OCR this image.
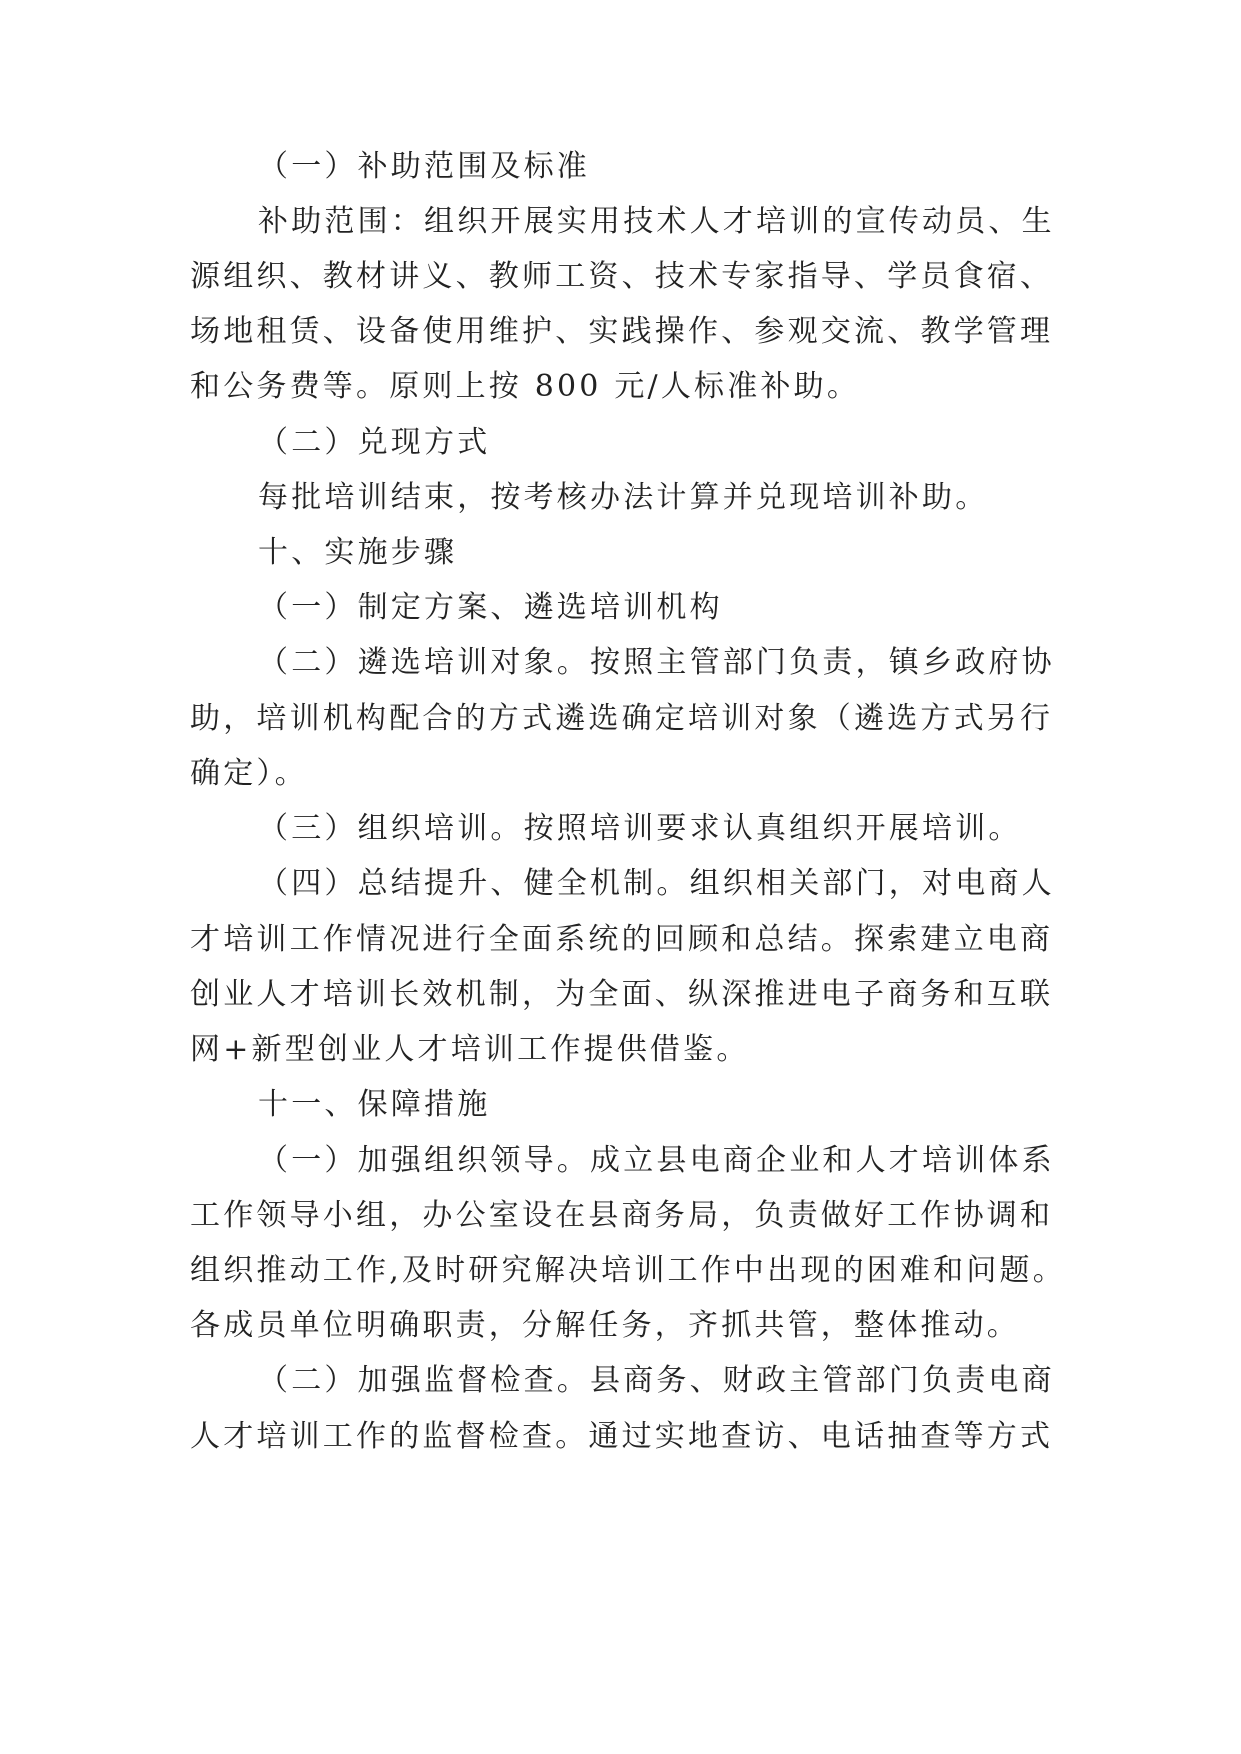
（一）补助范围及标准

补助范围：组织开展实用技术人才培训的宣传动员、生

源组织、教材讲义、教师工资、技术专家指导、学员食宿、

场地租赁、设备使用维护、实践操作、参观交流、教学管理

和公务费等。原则上按 800 元/人标准补助。

（二）兑现方式

每批培训结束，按考核办法计算并兑现培训补助。

十、实施步骤

（一）制定方案、遴选培训机构

（二）遴选培训对象。按照主管部门负责，镇乡政府协

助，培训机构配合的方式遴选确定培训对象（遴选方式另行

确定）。

（三）组织培训。按照培训要求认真组织开展培训。

（四）总结提升、健全机制。组织相关部门，对电商人

才培训工作情况进行全面系统的回顾和总结。探索建立电商

创业人才培训长效机制，为全面、纵深推进电子商务和互联

网+新型创业人才培训工作提供借鉴。

十一、保障措施

（一）加强组织领导。成立县电商企业和人才培训体系

工作领导小组，办公室设在县商务局，负责做好工作协调和

组织推动工作,及时研究解决培训工作中出现的困难和问题。

各成员单位明确职责，分解任务，齐抓共管，整体推动。

（二）加强监督检查。县商务、财政主管部门负责电商

人才培训工作的监督检查。通过实地查访、电话抽查等方式
